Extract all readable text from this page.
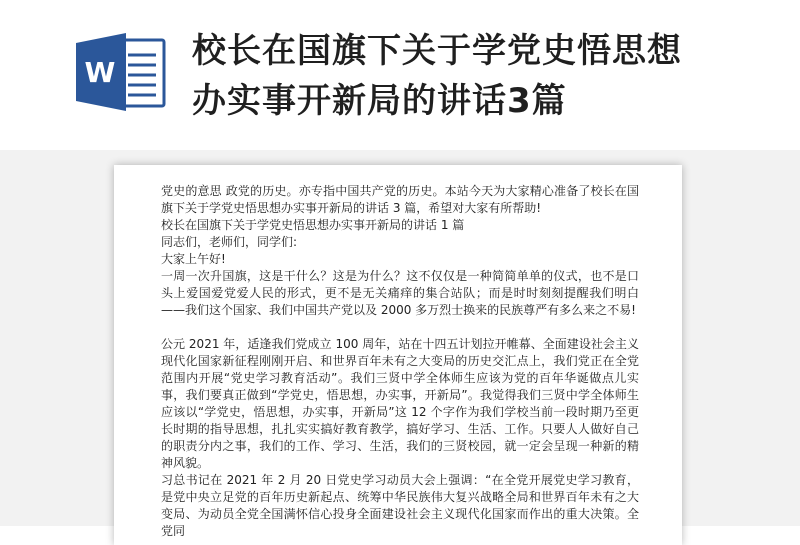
W
校长在国旗下关于学党史悟思想
办实事开新局的讲话3篇

党史的意思 政党的历史。亦专指中国共产党的历史。本站今天为大家精心准备了校长在国旗下关于学党史悟思想办实事开新局的讲话 3 篇，希望对大家有所帮助!

校长在国旗下关于学党史悟思想办实事开新局的讲话 1 篇

同志们，老师们，同学们:

大家上午好!

一周一次升国旗，这是干什么？这是为什么？这不仅仅是一种简简单单的仪式，也不是口头上爱国爱党爱人民的形式，更不是无关痛痒的集合站队；而是时时刻刻提醒我们明白——我们这个国家、我们中国共产党以及 2000 多万烈士换来的民族尊严有多么来之不易!

公元 2021 年，适逢我们党成立 100 周年，站在十四五计划拉开帷幕、全面建设社会主义现代化国家新征程刚刚开启、和世界百年未有之大变局的历史交汇点上，我们党正在全党范围内开展“党史学习教育活动”。我们三贤中学全体师生应该为党的百年华诞做点儿实事，我们要真正做到“学党史，悟思想，办实事，开新局”。我觉得我们三贤中学全体师生应该以“学党史，悟思想，办实事，开新局”这 12 个字作为我们学校当前一段时期乃至更长时期的指导思想，扎扎实实搞好教育教学，搞好学习、生活、工作。只要人人做好自己的职责分内之事，我们的工作、学习、生活，我们的三贤校园，就一定会呈现一种新的精神风貌。

习总书记在 2021 年 2 月 20 日党史学习动员大会上强调：“在全党开展党史学习教育，是党中央立足党的百年历史新起点、统筹中华民族伟大复兴战略全局和世界百年未有之大变局、为动员全党全国满怀信心投身全面建设社会主义现代化国家而作出的重大决策。全党同
